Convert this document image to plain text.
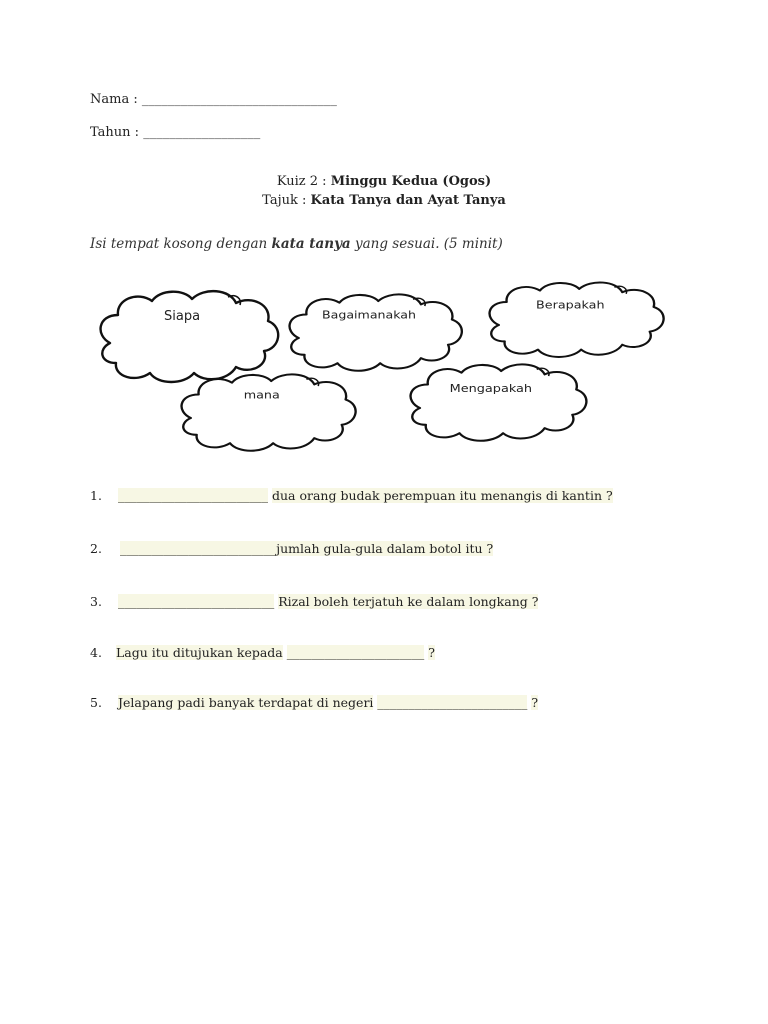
Nama : ______________________________
Tahun : __________________
Kuiz 2 : Minggu Kedua (Ogos)
Tajuk : Kata Tanya dan Ayat Tanya
Isi tempat kosong dengan kata tanya yang sesuai. (5 minit)
Siapa	Bagaimanakah
Berapakah
mana
Mengapakah
1. ________________________ dua orang budak perempuan itu menangis di kantin ?
2. _________________________jumlah gula-gula dalam botol itu ?
3. _________________________ Rizal boleh terjatuh ke dalam longkang ?
4. Lagu itu ditujukan kepada ______________________ ?
5. Jelapang padi banyak terdapat di negeri ________________________ ?
